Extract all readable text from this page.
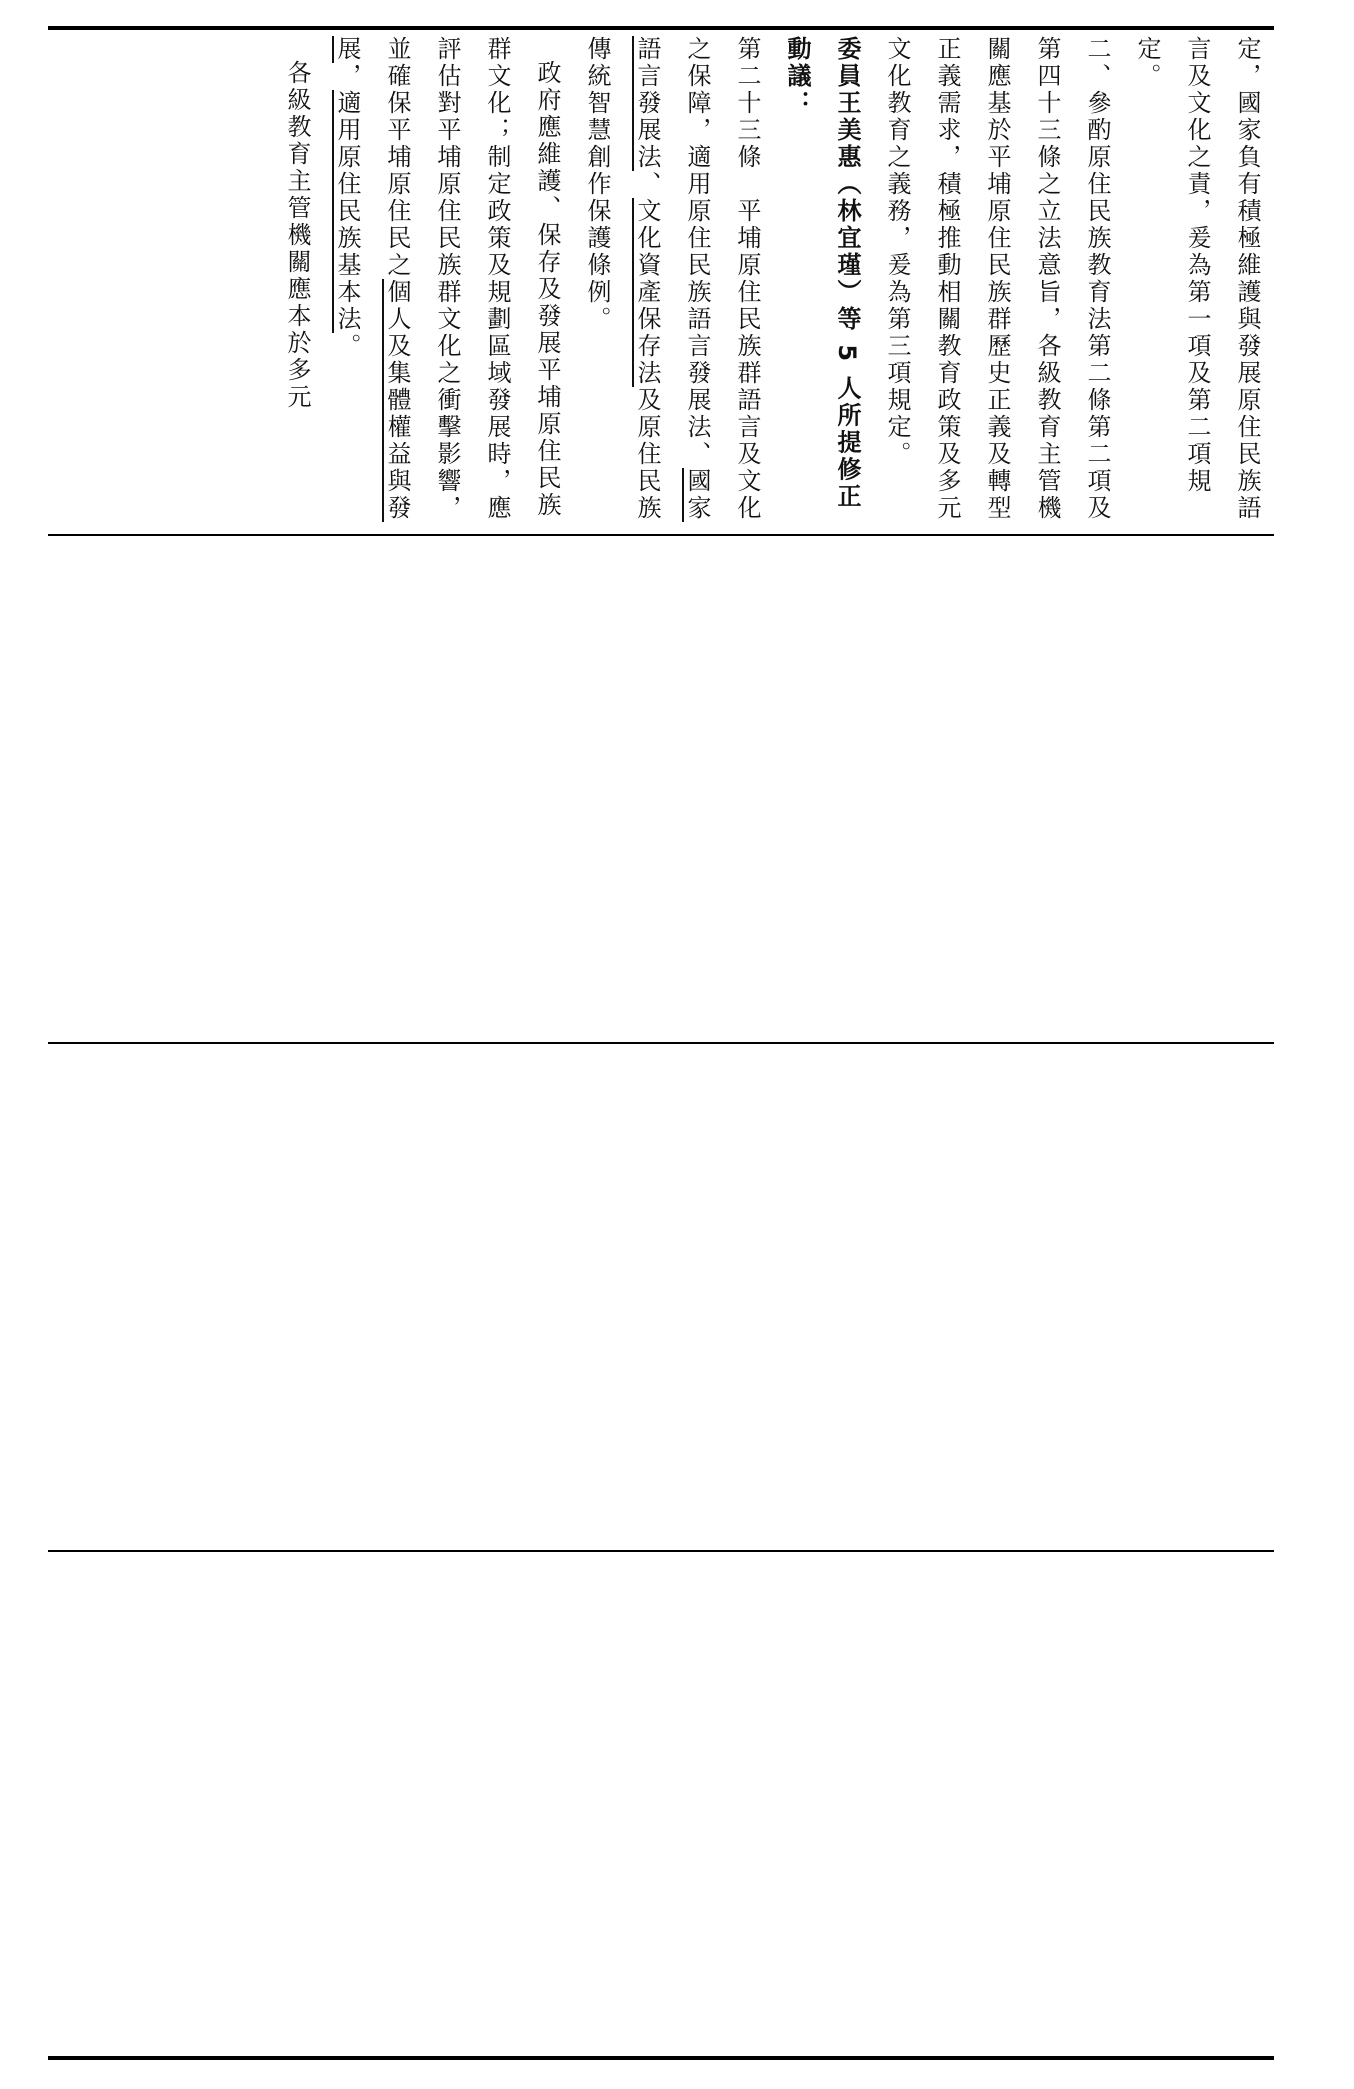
定，國家負有積極維護與發展原住民族語言及文化之責，爰為第一項及第二項規定。
二、參酌原住民族教育法第二條第二項及第四十三條之立法意旨，各級教育主管機關應基於平埔原住民族群歷史正義及轉型正義需求，積極推動相關教育政策及多元文化教育之義務，爰為第三項規定。
委員王美惠（林宜瑾）等 5 人所提修正動議：
第二十三條　平埔原住民族群語言及文化之保障，適用原住民族語言發展法、國家語言發展法、文化資產保存法及原住民族傳統智慧創作保護條例。
政府應維護、保存及發展平埔原住民族群文化；制定政策及規劃區域發展時，應評估對平埔原住民族群文化之衝擊影響，並確保平埔原住民之個人及集體權益與發展，適用原住民族基本法。
各級教育主管機關應本於多元
